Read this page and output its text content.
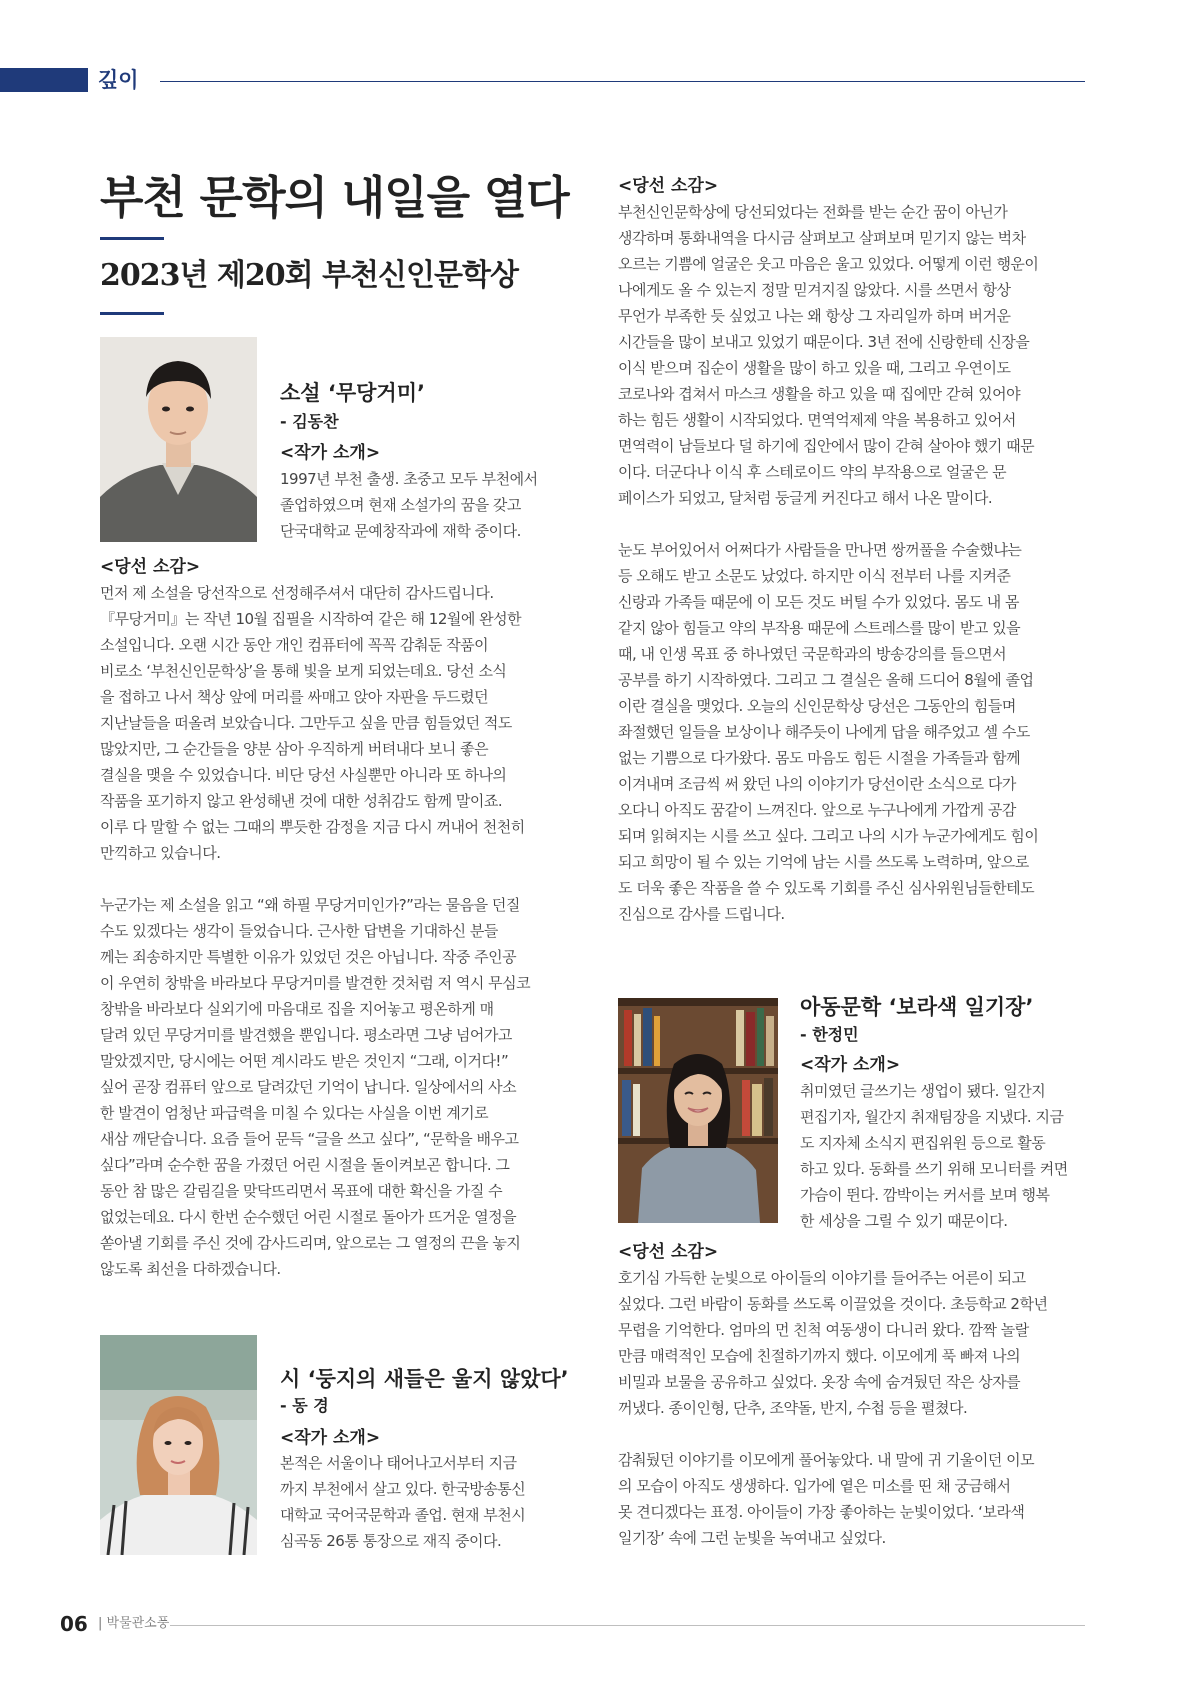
깊이

부천 문학의 내일을 열다
2023년 제20회 부천신인문학상

소설 ‘무당거미’

- 김동찬

<작가 소개>

1997년 부천 출생. 초중고 모두 부천에서

졸업하였으며 현재 소설가의 꿈을 갖고

단국대학교 문예창작과에 재학 중이다.

<당선 소감>

먼저 제 소설을 당선작으로 선정해주셔서 대단히 감사드립니다.

『무당거미』는 작년 10월 집필을 시작하여 같은 해 12월에 완성한

소설입니다. 오랜 시간 동안 개인 컴퓨터에 꼭꼭 감춰둔 작품이

비로소 ‘부천신인문학상’을 통해 빛을 보게 되었는데요. 당선 소식

을 접하고 나서 책상 앞에 머리를 싸매고 앉아 자판을 두드렸던

지난날들을 떠올려 보았습니다. 그만두고 싶을 만큼 힘들었던 적도

많았지만, 그 순간들을 양분 삼아 우직하게 버텨내다 보니 좋은

결실을 맺을 수 있었습니다. 비단 당선 사실뿐만 아니라 또 하나의

작품을 포기하지 않고 완성해낸 것에 대한 성취감도 함께 말이죠.

이루 다 말할 수 없는 그때의 뿌듯한 감정을 지금 다시 꺼내어 천천히

만끽하고 있습니다.

누군가는 제 소설을 읽고 “왜 하필 무당거미인가?”라는 물음을 던질

수도 있겠다는 생각이 들었습니다. 근사한 답변을 기대하신 분들

께는 죄송하지만 특별한 이유가 있었던 것은 아닙니다. 작중 주인공

이 우연히 창밖을 바라보다 무당거미를 발견한 것처럼 저 역시 무심코

창밖을 바라보다 실외기에 마음대로 집을 지어놓고 평온하게 매

달려 있던 무당거미를 발견했을 뿐입니다. 평소라면 그냥 넘어가고

말았겠지만, 당시에는 어떤 계시라도 받은 것인지 “그래, 이거다!”

싶어 곧장 컴퓨터 앞으로 달려갔던 기억이 납니다. 일상에서의 사소

한 발견이 엄청난 파급력을 미칠 수 있다는 사실을 이번 계기로

새삼 깨닫습니다. 요즘 들어 문득 “글을 쓰고 싶다”, “문학을 배우고

싶다”라며 순수한 꿈을 가졌던 어린 시절을 돌이켜보곤 합니다. 그

동안 참 많은 갈림길을 맞닥뜨리면서 목표에 대한 확신을 가질 수

없었는데요. 다시 한번 순수했던 어린 시절로 돌아가 뜨거운 열정을

쏟아낼 기회를 주신 것에 감사드리며, 앞으로는 그 열정의 끈을 놓지

않도록 최선을 다하겠습니다.

시 ‘둥지의 새들은 울지 않았다’

- 동 경

<작가 소개>

본적은 서울이나 태어나고서부터 지금

까지 부천에서 살고 있다. 한국방송통신

대학교 국어국문학과 졸업. 현재 부천시

심곡동 26통 통장으로 재직 중이다.

<당선 소감>

부천신인문학상에 당선되었다는 전화를 받는 순간 꿈이 아닌가

생각하며 통화내역을 다시금 살펴보고 살펴보며 믿기지 않는 벅차

오르는 기쁨에 얼굴은 웃고 마음은 울고 있었다. 어떻게 이런 행운이

나에게도 올 수 있는지 정말 믿겨지질 않았다. 시를 쓰면서 항상

무언가 부족한 듯 싶었고 나는 왜 항상 그 자리일까 하며 버거운

시간들을 많이 보내고 있었기 때문이다. 3년 전에 신랑한테 신장을

이식 받으며 집순이 생활을 많이 하고 있을 때, 그리고 우연이도

코로나와 겹쳐서 마스크 생활을 하고 있을 때 집에만 갇혀 있어야

하는 힘든 생활이 시작되었다. 면역억제제 약을 복용하고 있어서

면역력이 남들보다 덜 하기에 집안에서 많이 갇혀 살아야 했기 때문

이다. 더군다나 이식 후 스테로이드 약의 부작용으로 얼굴은 문

페이스가 되었고, 달처럼 둥글게 커진다고 해서 나온 말이다.

눈도 부어있어서 어쩌다가 사람들을 만나면 쌍꺼풀을 수술했냐는

등 오해도 받고 소문도 났었다. 하지만 이식 전부터 나를 지켜준

신랑과 가족들 때문에 이 모든 것도 버틸 수가 있었다. 몸도 내 몸

같지 않아 힘들고 약의 부작용 때문에 스트레스를 많이 받고 있을

때, 내 인생 목표 중 하나였던 국문학과의 방송강의를 들으면서

공부를 하기 시작하였다. 그리고 그 결실은 올해 드디어 8월에 졸업

이란 결실을 맺었다. 오늘의 신인문학상 당선은 그동안의 힘들며

좌절했던 일들을 보상이나 해주듯이 나에게 답을 해주었고 셀 수도

없는 기쁨으로 다가왔다. 몸도 마음도 힘든 시절을 가족들과 함께

이겨내며 조금씩 써 왔던 나의 이야기가 당선이란 소식으로 다가

오다니 아직도 꿈같이 느껴진다. 앞으로 누구나에게 가깝게 공감

되며 읽혀지는 시를 쓰고 싶다. 그리고 나의 시가 누군가에게도 힘이

되고 희망이 될 수 있는 기억에 남는 시를 쓰도록 노력하며, 앞으로

도 더욱 좋은 작품을 쓸 수 있도록 기회를 주신 심사위원님들한테도

진심으로 감사를 드립니다.

아동문학 ‘보라색 일기장’

- 한정민

<작가 소개>

취미였던 글쓰기는 생업이 됐다. 일간지

편집기자, 월간지 취재팀장을 지냈다. 지금

도 지자체 소식지 편집위원 등으로 활동

하고 있다. 동화를 쓰기 위해 모니터를 켜면

가슴이 뛴다. 깜박이는 커서를 보며 행복

한 세상을 그릴 수 있기 때문이다.

<당선 소감>

호기심 가득한 눈빛으로 아이들의 이야기를 들어주는 어른이 되고

싶었다. 그런 바람이 동화를 쓰도록 이끌었을 것이다. 초등학교 2학년

무렵을 기억한다. 엄마의 먼 친척 여동생이 다니러 왔다. 깜짝 놀랄

만큼 매력적인 모습에 친절하기까지 했다. 이모에게 푹 빠져 나의

비밀과 보물을 공유하고 싶었다. 옷장 속에 숨겨뒀던 작은 상자를

꺼냈다. 종이인형, 단추, 조약돌, 반지, 수첩 등을 펼쳤다.

감춰뒀던 이야기를 이모에게 풀어놓았다. 내 말에 귀 기울이던 이모

의 모습이 아직도 생생하다. 입가에 옅은 미소를 띤 채 궁금해서

못 견디겠다는 표정. 아이들이 가장 좋아하는 눈빛이었다. ‘보라색

일기장’ 속에 그런 눈빛을 녹여내고 싶었다.

06 | 박물관소풍
